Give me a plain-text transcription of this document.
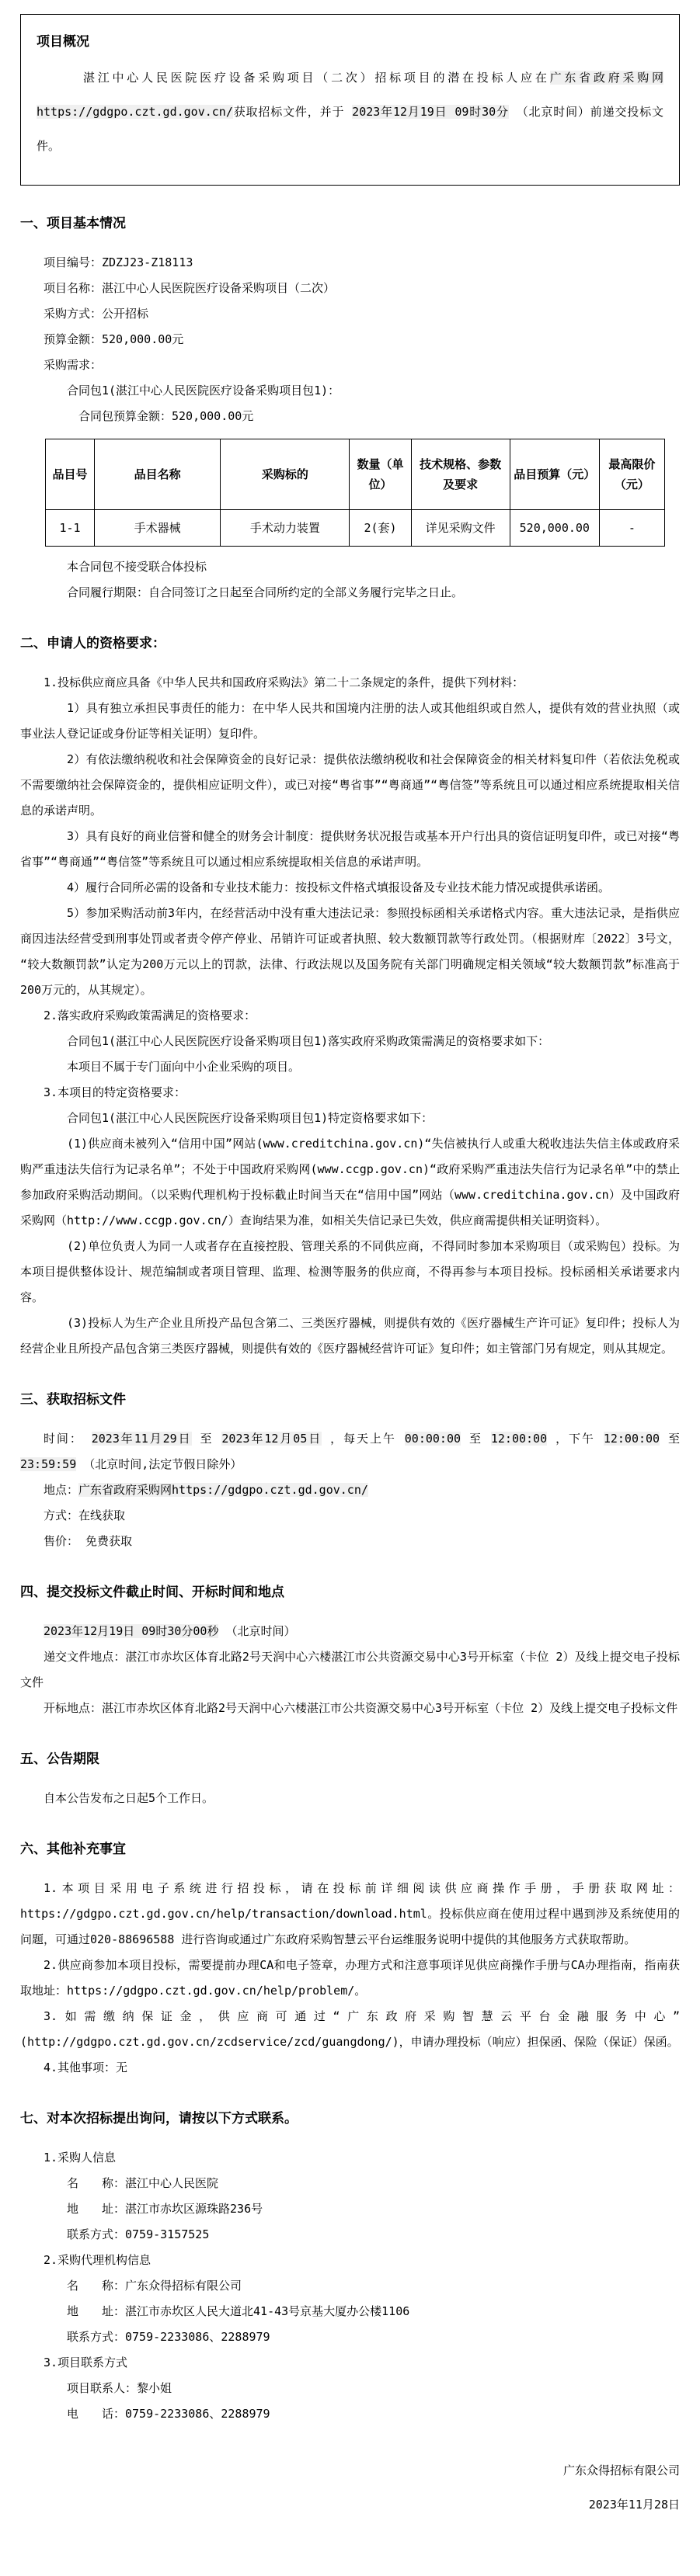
项目概况

湛江中心人民医院医疗设备采购项目（二次）招标项目的潜在投标人应在广东省政府采购网https://gdgpo.czt.gd.gov.cn/获取招标文件，并于 2023年12月19日 09时30分 （北京时间）前递交投标文件。

一、项目基本情况

项目编号：ZDZJ23-Z18113

项目名称：湛江中心人民医院医疗设备采购项目（二次）

采购方式：公开招标

预算金额：520,000.00元

采购需求：

合同包1(湛江中心人民医院医疗设备采购项目包1)：

合同包预算金额：520,000.00元

品目号	品目名称	采购标的	数量（单位）	技术规格、参数及要求	品目预算（元）	最高限价（元）
1-1	手术器械	手术动力装置	2(套)	详见采购文件	520,000.00	-

本合同包不接受联合体投标

合同履行期限：自合同签订之日起至合同所约定的全部义务履行完毕之日止。

二、申请人的资格要求：

1.投标供应商应具备《中华人民共和国政府采购法》第二十二条规定的条件，提供下列材料：

1）具有独立承担民事责任的能力：在中华人民共和国境内注册的法人或其他组织或自然人，提供有效的营业执照（或事业法人登记证或身份证等相关证明）复印件。

2）有依法缴纳税收和社会保障资金的良好记录：提供依法缴纳税收和社会保障资金的相关材料复印件（若依法免税或不需要缴纳社会保障资金的，提供相应证明文件），或已对接“粤省事”“粤商通”“粤信签”等系统且可以通过相应系统提取相关信息的承诺声明。

3）具有良好的商业信誉和健全的财务会计制度：提供财务状况报告或基本开户行出具的资信证明复印件，或已对接“粤省事”“粤商通”“粤信签”等系统且可以通过相应系统提取相关信息的承诺声明。

4）履行合同所必需的设备和专业技术能力：按投标文件格式填报设备及专业技术能力情况或提供承诺函。

5）参加采购活动前3年内，在经营活动中没有重大违法记录：参照投标函相关承诺格式内容。重大违法记录，是指供应商因违法经营受到刑事处罚或者责令停产停业、吊销许可证或者执照、较大数额罚款等行政处罚。（根据财库〔2022〕3号文，“较大数额罚款”认定为200万元以上的罚款，法律、行政法规以及国务院有关部门明确规定相关领域“较大数额罚款”标准高于200万元的，从其规定）。

2.落实政府采购政策需满足的资格要求：

合同包1(湛江中心人民医院医疗设备采购项目包1)落实政府采购政策需满足的资格要求如下：

本项目不属于专门面向中小企业采购的项目。

3.本项目的特定资格要求：

合同包1(湛江中心人民医院医疗设备采购项目包1)特定资格要求如下：

(1)供应商未被列入“信用中国”网站(www.creditchina.gov.cn)“失信被执行人或重大税收违法失信主体或政府采购严重违法失信行为记录名单”；不处于中国政府采购网(www.ccgp.gov.cn)“政府采购严重违法失信行为记录名单”中的禁止参加政府采购活动期间。（以采购代理机构于投标截止时间当天在“信用中国”网站（www.creditchina.gov.cn）及中国政府采购网（http://www.ccgp.gov.cn/）查询结果为准，如相关失信记录已失效，供应商需提供相关证明资料）。

(2)单位负责人为同一人或者存在直接控股、管理关系的不同供应商，不得同时参加本采购项目（或采购包）投标。为本项目提供整体设计、规范编制或者项目管理、监理、检测等服务的供应商，不得再参与本项目投标。投标函相关承诺要求内容。

(3)投标人为生产企业且所投产品包含第二、三类医疗器械，则提供有效的《医疗器械生产许可证》复印件；投标人为经营企业且所投产品包含第三类医疗器械，则提供有效的《医疗器械经营许可证》复印件；如主管部门另有规定，则从其规定。

三、获取招标文件

时间： 2023年11月29日 至 2023年12月05日 ，每天上午 00:00:00 至 12:00:00 ，下午 12:00:00 至 23:59:59 （北京时间,法定节假日除外）

地点：广东省政府采购网https://gdgpo.czt.gd.gov.cn/

方式：在线获取

售价： 免费获取

四、提交投标文件截止时间、开标时间和地点

2023年12月19日 09时30分00秒 （北京时间）

递交文件地点：湛江市赤坎区体育北路2号天润中心六楼湛江市公共资源交易中心3号开标室（卡位 2）及线上提交电子投标文件

开标地点：湛江市赤坎区体育北路2号天润中心六楼湛江市公共资源交易中心3号开标室（卡位 2）及线上提交电子投标文件

五、公告期限

自本公告发布之日起5个工作日。

六、其他补充事宜

1.本项目采用电子系统进行招投标，请在投标前详细阅读供应商操作手册，手册获取网址：https://gdgpo.czt.gd.gov.cn/help/transaction/download.html。投标供应商在使用过程中遇到涉及系统使用的问题，可通过020-88696588 进行咨询或通过广东政府采购智慧云平台运维服务说明中提供的其他服务方式获取帮助。

2.供应商参加本项目投标，需要提前办理CA和电子签章，办理方式和注意事项详见供应商操作手册与CA办理指南，指南获取地址：https://gdgpo.czt.gd.gov.cn/help/problem/。

3.如需缴纳保证金，供应商可通过“广东政府采购智慧云平台金融服务中心”(http://gdgpo.czt.gd.gov.cn/zcdservice/zcd/guangdong/)，申请办理投标（响应）担保函、保险（保证）保函。

4.其他事项：无

七、对本次招标提出询问，请按以下方式联系。

1.采购人信息

名　　称：湛江中心人民医院

地　　址：湛江市赤坎区源珠路236号

联系方式：0759-3157525

2.采购代理机构信息

名　　称：广东众得招标有限公司

地　　址：湛江市赤坎区人民大道北41-43号京基大厦办公楼1106

联系方式：0759-2233086、2288979

3.项目联系方式

项目联系人：黎小姐

电　　话：0759-2233086、2288979

广东众得招标有限公司

2023年11月28日
